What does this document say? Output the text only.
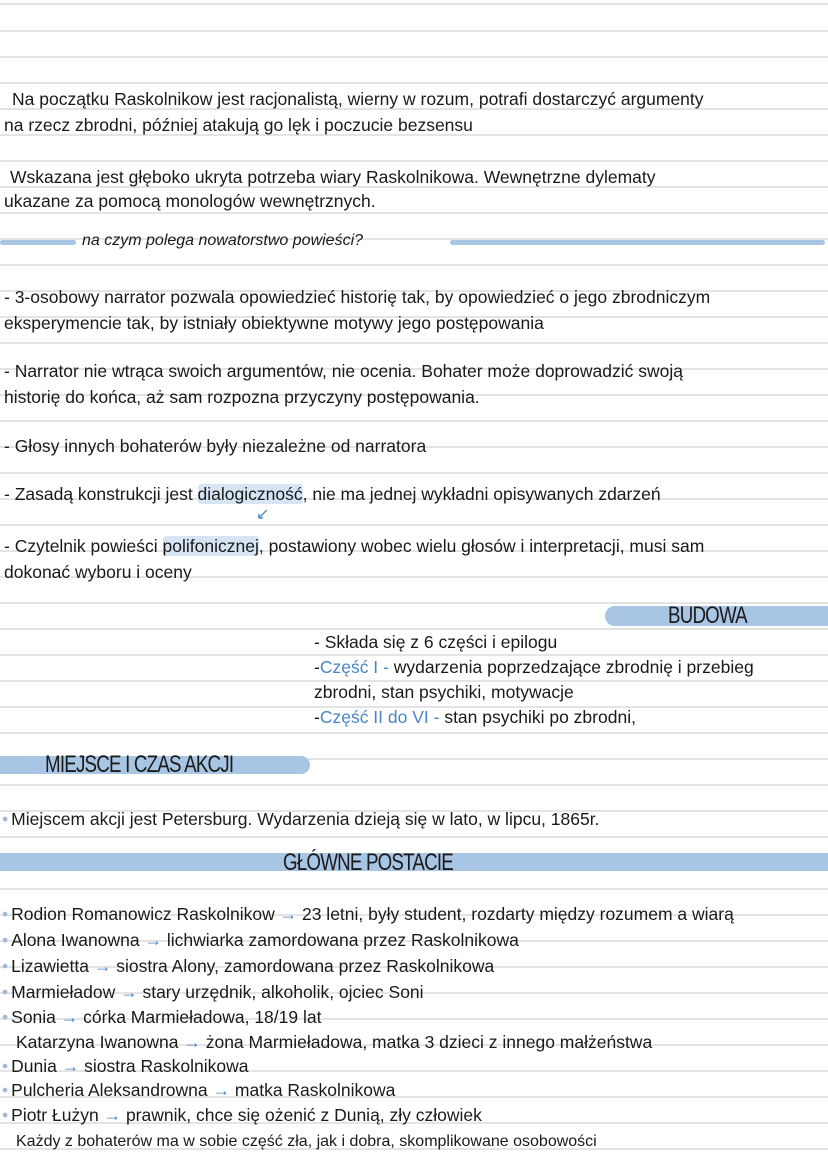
Na początku Raskolnikow jest racjonalistą, wierny w rozum, potrafi dostarczyć argumenty
na rzecz zbrodni, później atakują go lęk i poczucie bezsensu
Wskazana jest głęboko ukryta potrzeba wiary Raskolnikowa. Wewnętrzne dylematy
ukazane za pomocą monologów wewnętrznych.
na czym polega nowatorstwo powieści?
- 3-osobowy narrator pozwala opowiedzieć historię tak, by opowiedzieć o jego zbrodniczym
eksperymencie tak, by istniały obiektywne motywy jego postępowania
- Narrator nie wtrąca swoich argumentów, nie ocenia. Bohater może doprowadzić swoją
historię do końca, aż sam rozpozna przyczyny postępowania.
- Głosy innych bohaterów były niezależne od narratora
- Zasadą konstrukcji jest dialogiczność, nie ma jednej wykładni opisywanych zdarzeń
↙
- Czytelnik powieści polifonicznej, postawiony wobec wielu głosów i interpretacji, musi sam
dokonać wyboru i oceny
BUDOWA
- Składa się z 6 części i epilogu
-Część I - wydarzenia poprzedzające zbrodnię i przebieg
zbrodni, stan psychiki, motywacje
-Część II do VI - stan psychiki po zbrodni,
MIEJSCE I CZAS AKCJI
• Miejscem akcji jest Petersburg. Wydarzenia dzieją się w lato, w lipcu, 1865r.
GŁÓWNE POSTACIE
• Rodion Romanowicz Raskolnikow → 23 letni, były student, rozdarty między rozumem a wiarą
• Alona Iwanowna → lichwiarka zamordowana przez Raskolnikowa
• Lizawietta → siostra Alony, zamordowana przez Raskolnikowa
• Marmieładow → stary urzędnik, alkoholik, ojciec Soni
• Sonia → córka Marmieładowa, 18/19 lat
Katarzyna Iwanowna → żona Marmieładowa, matka 3 dzieci z innego małżeństwa
• Dunia → siostra Raskolnikowa
• Pulcheria Aleksandrowna → matka Raskolnikowa
• Piotr Łużyn → prawnik, chce się ożenić z Dunią, zły człowiek
Każdy z bohaterów ma w sobie część zła, jak i dobra, skomplikowane osobowości
